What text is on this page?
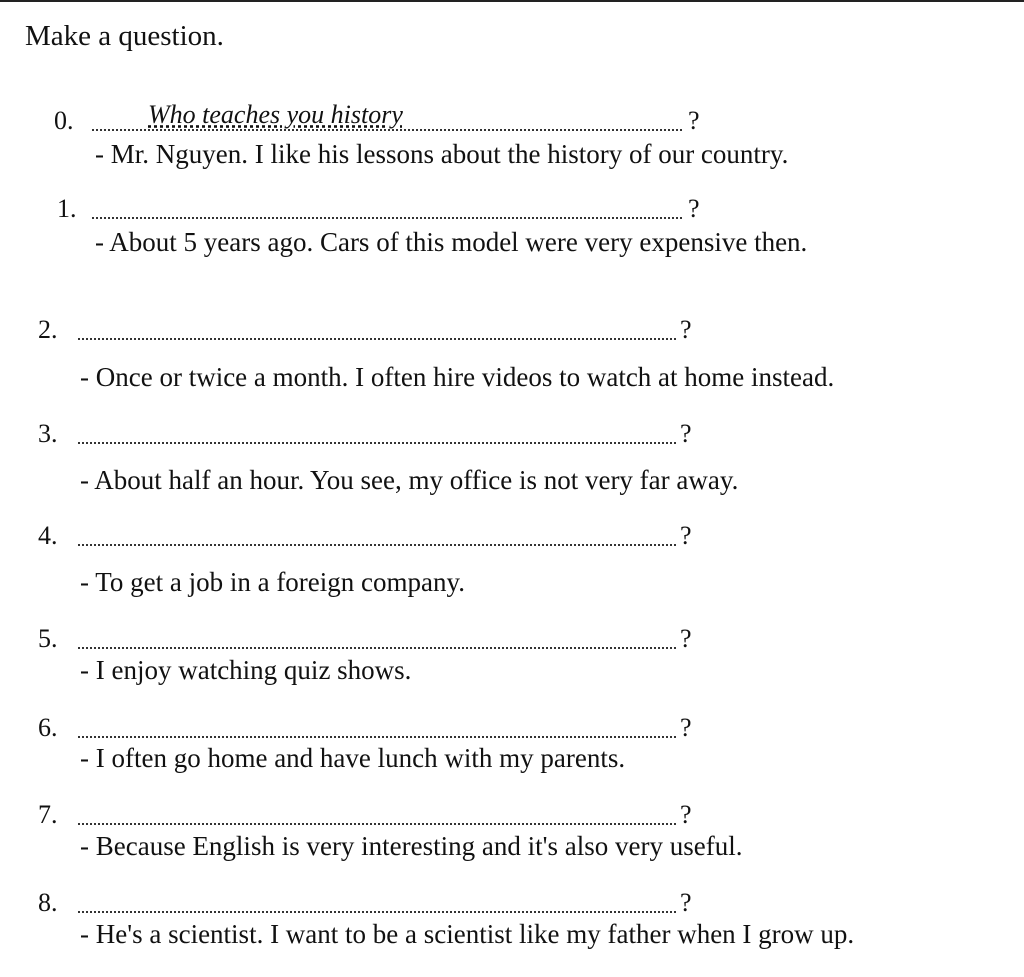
Make a question.
0.	Who teaches you history	?
- Mr. Nguyen. I like his lessons about the history of our country.
1.	?
- About 5 years ago. Cars of this model were very expensive then.
2.	?
- Once or twice a month. I often hire videos to watch at home instead.
3.	?
- About half an hour. You see, my office is not very far away.
4.	?
- To get a job in a foreign company.
5.	?
- I enjoy watching quiz shows.
6.	?
- I often go home and have lunch with my parents.
7.	?
- Because English is very interesting and it's also very useful.
8.	?
- He's a scientist. I want to be a scientist like my father when I grow up.
